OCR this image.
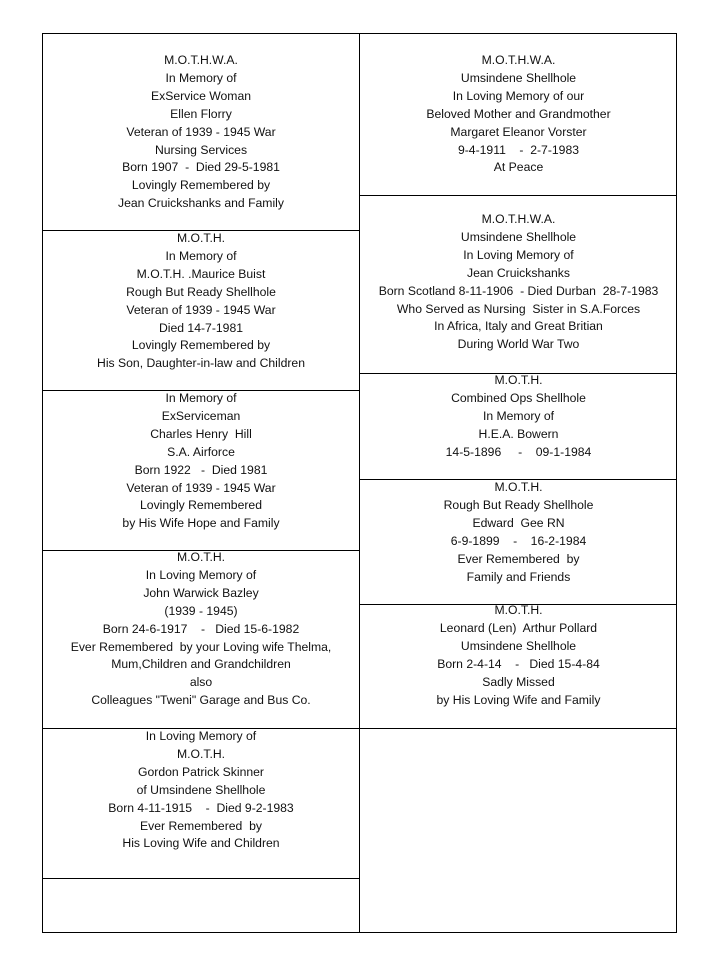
M.O.T.H.W.A.
In Memory of
ExService Woman
Ellen Florry
Veteran of 1939 - 1945 War
Nursing Services
Born 1907  -  Died 29-5-1981
Lovingly Remembered by
Jean Cruickshanks and Family
M.O.T.H.
In Memory of
M.O.T.H. .Maurice Buist
Rough But Ready Shellhole
Veteran of 1939 - 1945 War
Died 14-7-1981
Lovingly Remembered by
His Son, Daughter-in-law and Children
In Memory of
ExServiceman
Charles Henry  Hill
S.A. Airforce
Born 1922   -  Died 1981
Veteran of 1939 - 1945 War
Lovingly Remembered
by His Wife Hope and Family
M.O.T.H.
In Loving Memory of
John Warwick Bazley
(1939 - 1945)
Born 24-6-1917    -   Died 15-6-1982
Ever Remembered  by your Loving wife Thelma,
Mum,Children and Grandchildren
also
Colleagues "Tweni" Garage and Bus Co.
In Loving Memory of
M.O.T.H.
Gordon Patrick Skinner
of Umsindene Shellhole
Born 4-11-1915    -  Died 9-2-1983
Ever Remembered  by
His Loving Wife and Children
M.O.T.H.W.A.
Umsindene Shellhole
In Loving Memory of our
Beloved Mother and Grandmother
Margaret Eleanor Vorster
9-4-1911    -  2-7-1983
At Peace
M.O.T.H.W.A.
Umsindene Shellhole
In Loving Memory of
Jean Cruickshanks
Born Scotland 8-11-1906  - Died Durban  28-7-1983
Who Served as Nursing  Sister in S.A.Forces
In Africa, Italy and Great Britian
During World War Two
M.O.T.H.
Combined Ops Shellhole
In Memory of
H.E.A. Bowern
14-5-1896     -    09-1-1984
M.O.T.H.
Rough But Ready Shellhole
Edward  Gee RN
6-9-1899    -    16-2-1984
Ever Remembered  by
Family and Friends
M.O.T.H.
Leonard (Len)  Arthur Pollard
Umsindene Shellhole
Born 2-4-14    -   Died 15-4-84
Sadly Missed
by His Loving Wife and Family
